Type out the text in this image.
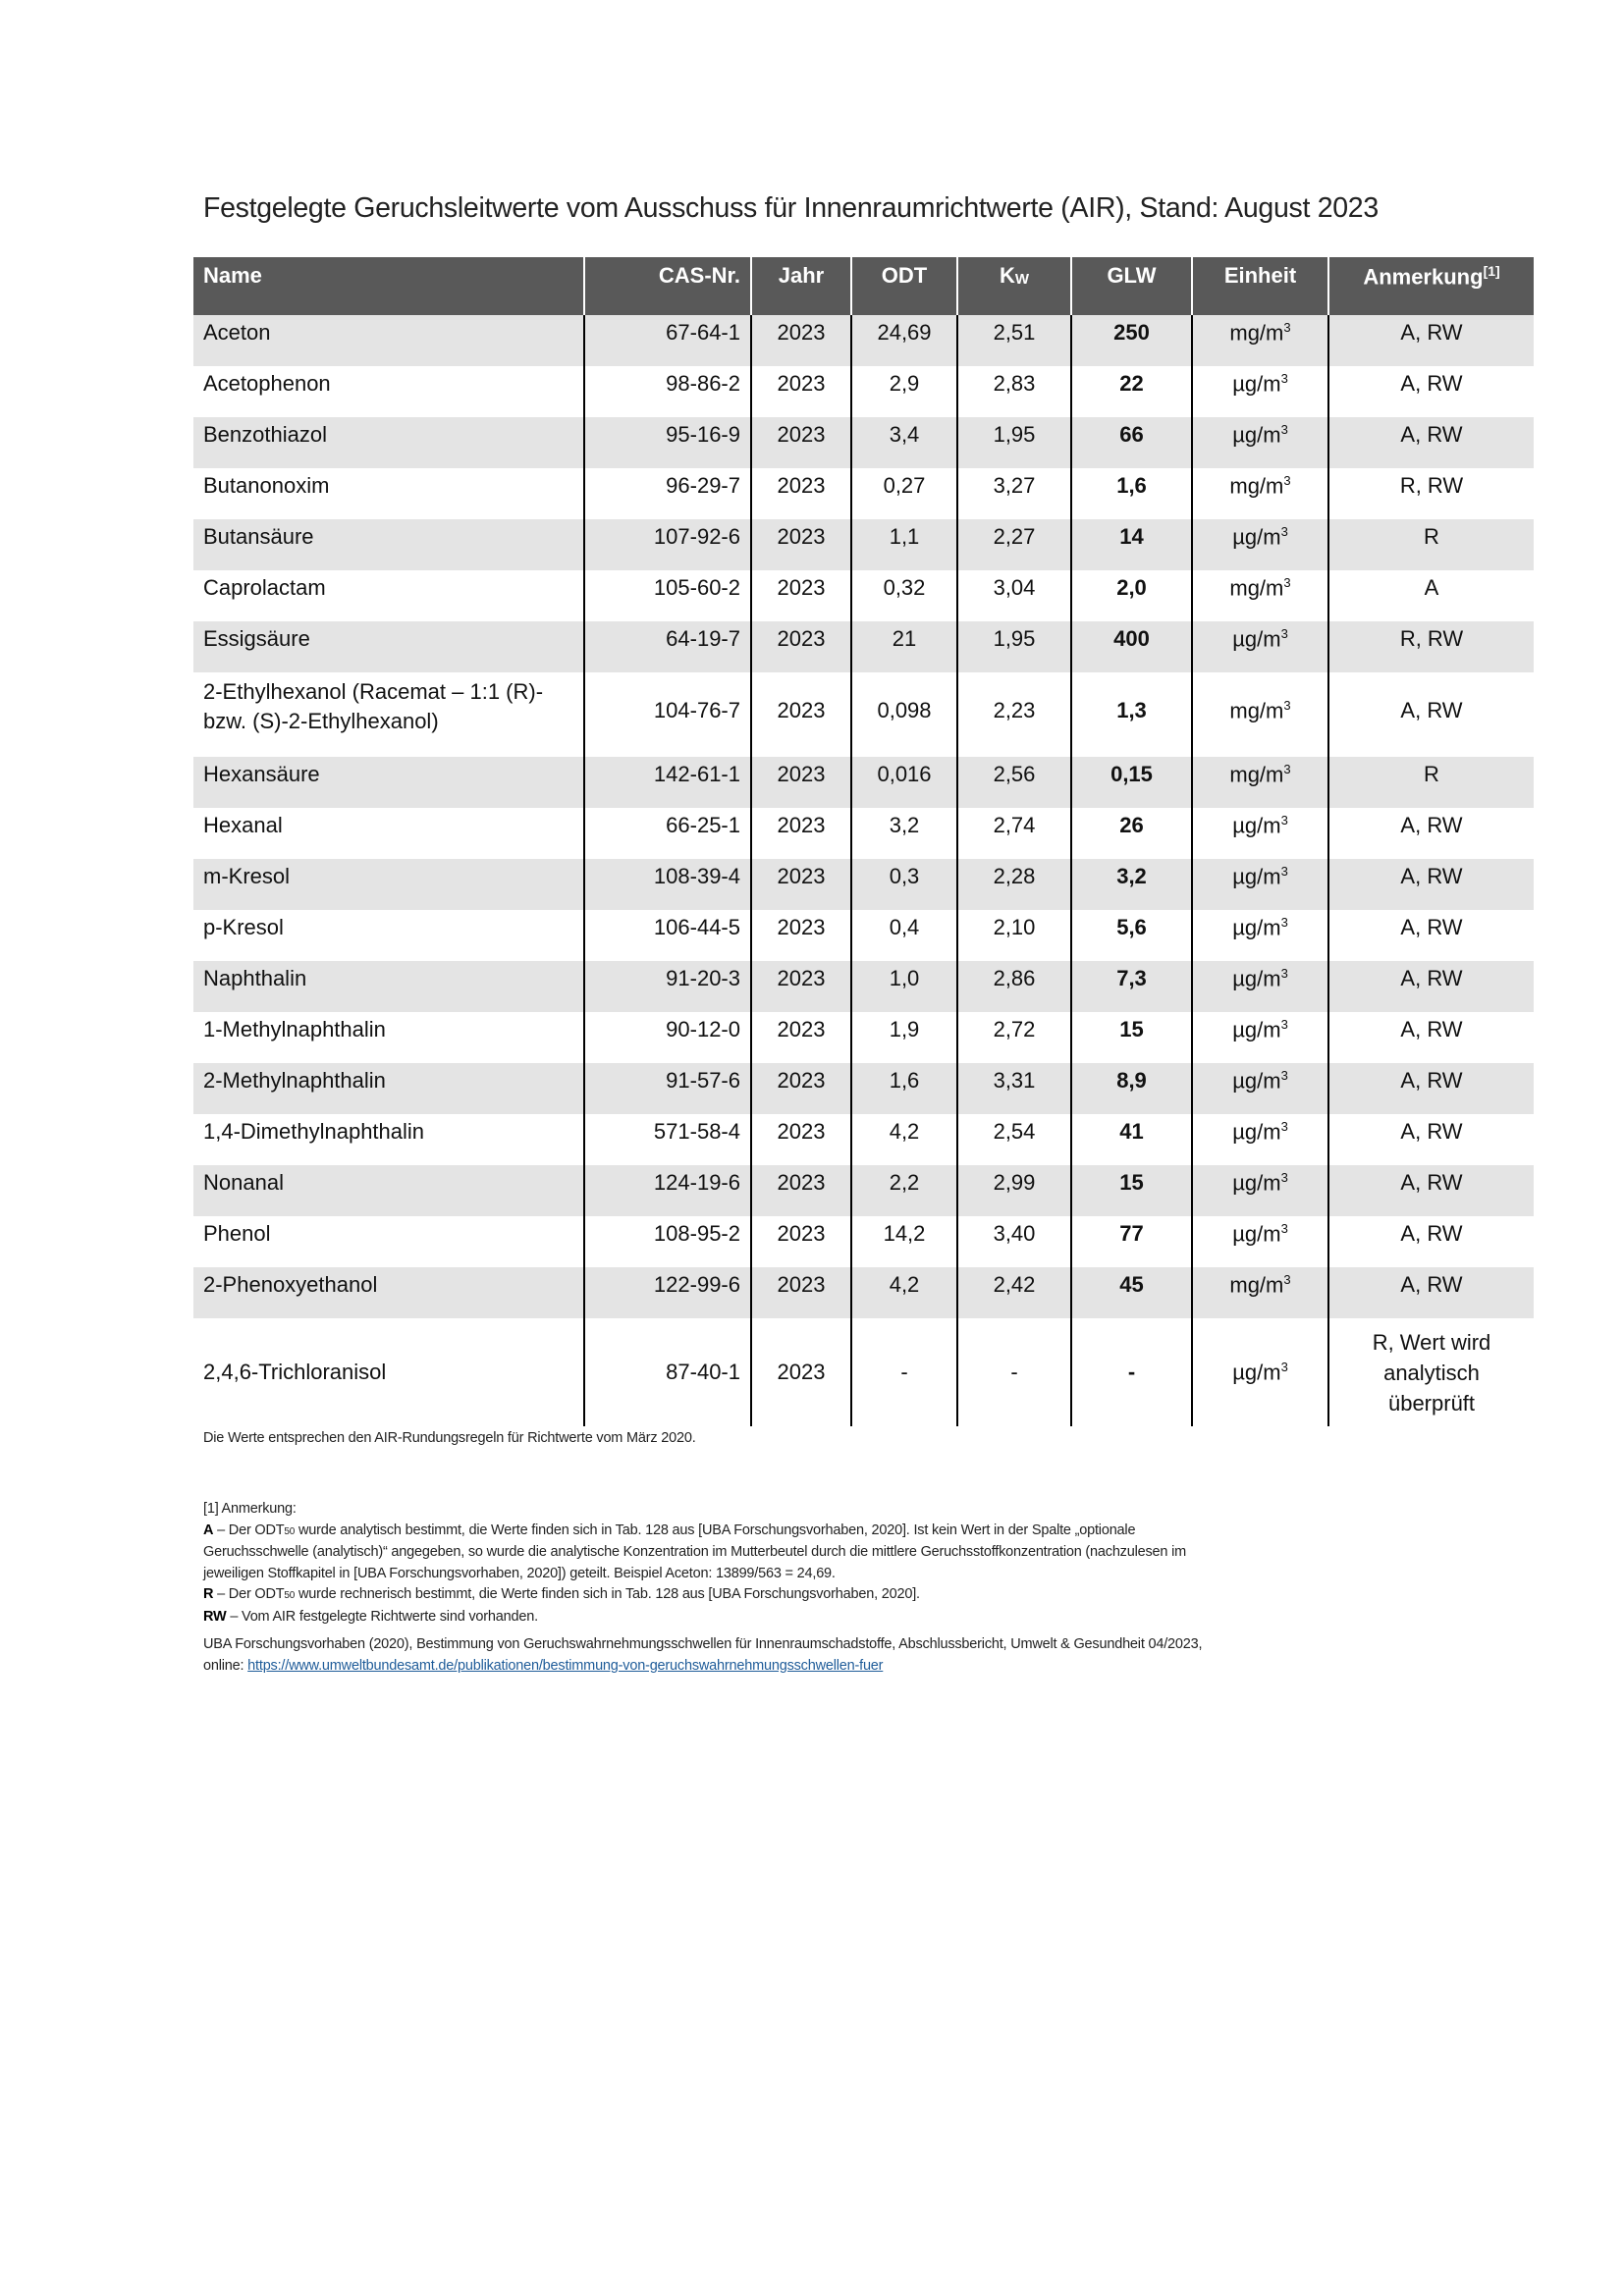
Festgelegte Geruchsleitwerte vom Ausschuss für Innenraumrichtwerte (AIR), Stand: August 2023
Name	CAS-Nr.	Jahr	ODT	KW	GLW	Einheit	Anmerkung[1]
Aceton	67-64-1	2023	24,69	2,51	250	$mg/m^3$	A, RW
Acetophenon	98-86-2	2023	2,9	2,83	22	$\mu g/m^3$	A, RW
Benzothiazol	95-16-9	2023	3,4	1,95	66	$\mu g/m^3$	A, RW
Butanonoxim	96-29-7	2023	0,27	3,27	1,6	$mg/m^3$	R, RW
Butansäure	107-92-6	2023	1,1	2,27	14	$\mu g/m^3$	R
Caprolactam	105-60-2	2023	0,32	3,04	2,0	$mg/m^3$	A
Essigsäure	64-19-7	2023	21	1,95	400	$\mu g/m^3$	R, RW
2-Ethylhexanol (Racemat – 1:1 (R)-bzw. (S)-2-Ethylhexanol)	104-76-7	2023	0,098	2,23	1,3	$mg/m^3$	A, RW
Hexansäure	142-61-1	2023	0,016	2,56	0,15	$mg/m^3$	R
Hexanal	66-25-1	2023	3,2	2,74	26	$\mu g/m^3$	A, RW
m-Kresol	108-39-4	2023	0,3	2,28	3,2	$\mu g/m^3$	A, RW
p-Kresol	106-44-5	2023	0,4	2,10	5,6	$\mu g/m^3$	A, RW
Naphthalin	91-20-3	2023	1,0	2,86	7,3	$\mu g/m^3$	A, RW
1-Methylnaphthalin	90-12-0	2023	1,9	2,72	15	$\mu g/m^3$	A, RW
2-Methylnaphthalin	91-57-6	2023	1,6	3,31	8,9	$\mu g/m^3$	A, RW
1,4-Dimethylnaphthalin	571-58-4	2023	4,2	2,54	41	$\mu g/m^3$	A, RW
Nonanal	124-19-6	2023	2,2	2,99	15	$\mu g/m^3$	A, RW
Phenol	108-95-2	2023	14,2	3,40	77	$\mu g/m^3$	A, RW
2-Phenoxyethanol	122-99-6	2023	4,2	2,42	45	$mg/m^3$	A, RW
2,4,6-Trichloranisol	87-40-1	2023	-	-	-	$\mu g/m^3$	R, Wert wird analytisch überprüft
Die Werte entsprechen den AIR-Rundungsregeln für Richtwerte vom März 2020.
[1] Anmerkung:
A – Der ODT50 wurde analytisch bestimmt, die Werte finden sich in Tab. 128 aus [UBA Forschungsvorhaben, 2020]. Ist kein Wert in der Spalte „optionale
Geruchsschwelle (analytisch)“ angegeben, so wurde die analytische Konzentration im Mutterbeutel durch die mittlere Geruchsstoffkonzentration (nachzulesen im
jeweiligen Stoffkapitel in [UBA Forschungsvorhaben, 2020]) geteilt. Beispiel Aceton: 13899/563 = 24,69.
R – Der ODT50 wurde rechnerisch bestimmt, die Werte finden sich in Tab. 128 aus [UBA Forschungsvorhaben, 2020].
RW – Vom AIR festgelegte Richtwerte sind vorhanden.
UBA Forschungsvorhaben (2020), Bestimmung von Geruchswahrnehmungsschwellen für Innenraumschadstoffe, Abschlussbericht, Umwelt & Gesundheit 04/2023,
online: https://www.umweltbundesamt.de/publikationen/bestimmung-von-geruchswahrnehmungsschwellen-fuer
